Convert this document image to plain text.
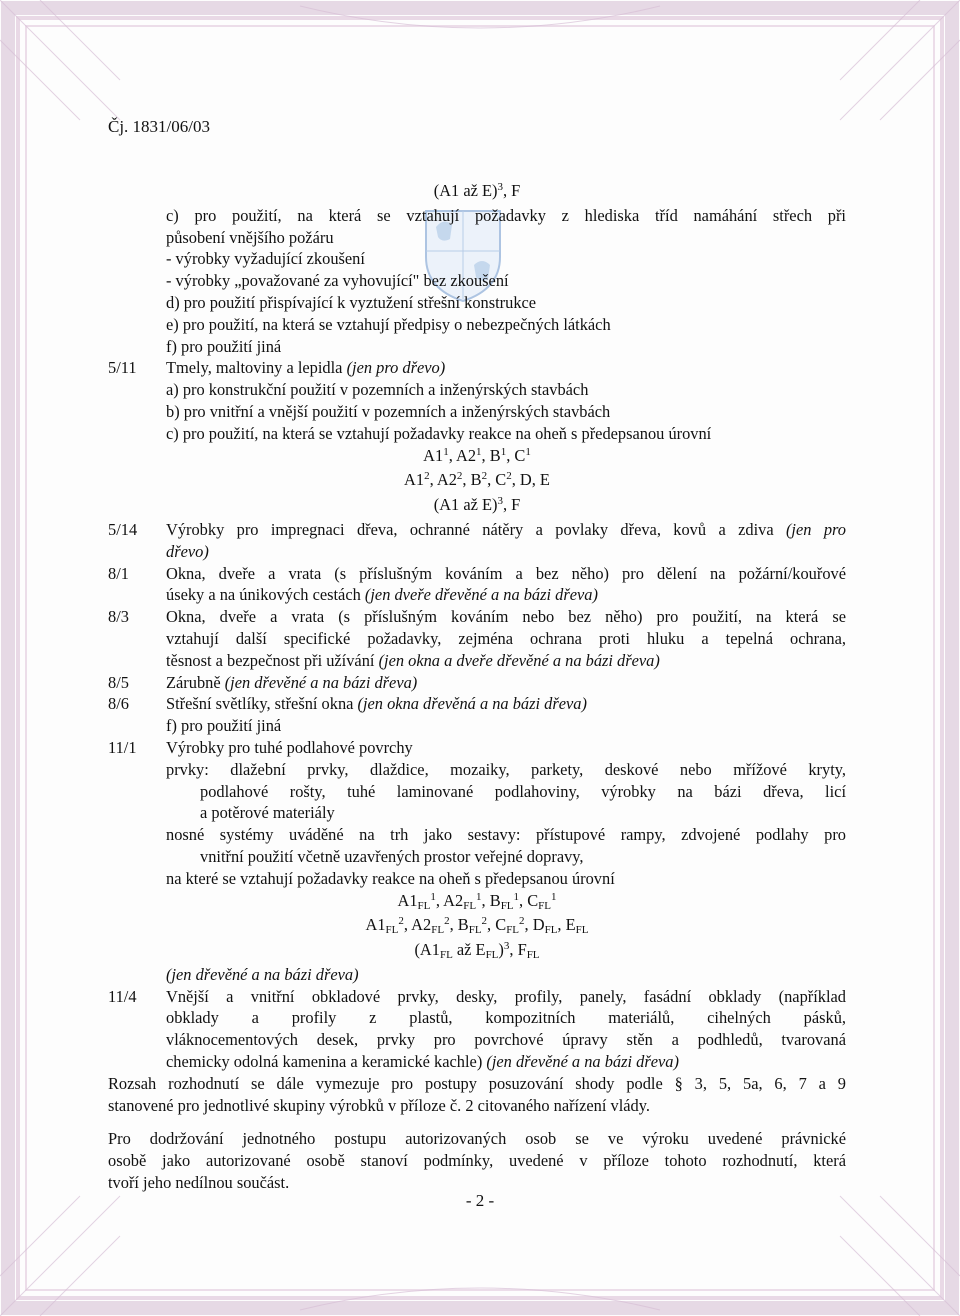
Čj. 1831/06/03
(A1 až E)$^3$, F
c) pro použití, na která se vztahují požadavky z hlediska tříd namáhání střech při
působení vnějšího požáru
- výrobky vyžadující zkoušení
- výrobky „považované za vyhovující" bez zkoušení
d) pro použití přispívající k vyztužení střešní konstrukce
e) pro použití, na která se vztahují předpisy o nebezpečných látkách
f) pro použití jiná
5/11	Tmely, maltoviny a lepidla (jen pro dřevo)
a) pro konstrukční použití v pozemních a inženýrských stavbách
b) pro vnitřní a vnější použití v pozemních a inženýrských stavbách
c) pro použití, na která se vztahují požadavky reakce na oheň s předepsanou úrovní
$A1^1$, $A2^1$, $B^1$, $C^1$
$A1^2$, $A2^2$, $B^2$, $C^2$, D, E
(A1 až E)$^3$, F
5/14	Výrobky pro impregnaci dřeva, ochranné nátěry a povlaky dřeva, kovů a zdiva (jen pro
dřevo)
8/1	Okna, dveře a vrata (s příslušným kováním a bez něho) pro dělení na požární/kouřové
úseky a na únikových cestách (jen dveře dřevěné a na bázi dřeva)
8/3	Okna, dveře a vrata (s příslušným kováním nebo bez něho) pro použití, na která se
vztahují další specifické požadavky, zejména ochrana proti hluku a tepelná ochrana,
těsnost a bezpečnost při užívání (jen okna a dveře dřevěné a na bázi dřeva)
8/5	Zárubně (jen dřevěné a na bázi dřeva)
8/6	Střešní světlíky, střešní okna (jen okna dřevěná a na bázi dřeva)
f) pro použití jiná
11/1	Výrobky pro tuhé podlahové povrchy
prvky: dlažební prvky, dlaždice, mozaiky, parkety, deskové nebo mřížové kryty,
podlahové rošty, tuhé laminované podlahoviny, výrobky na bázi dřeva, licí
a potěrové materiály
nosné systémy uváděné na trh jako sestavy: přístupové rampy, zdvojené podlahy pro
vnitřní použití včetně uzavřených prostor veřejné dopravy,
na které se vztahují požadavky reakce na oheň s předepsanou úrovní
$A1FL^1$, $A2FL^1$, BFL$^1$, CFL$^1$
$A1FL^2$, $A2FL^2$, BFL$^2$, CFL$^2$, DFL, EFL
(A1FL až EFL)$^3$, FFL
(jen dřevěné a na bázi dřeva)
11/4	Vnější a vnitřní obkladové prvky, desky, profily, panely, fasádní obklady (například
obklady a profily z plastů, kompozitních materiálů, cihelných pásků,
vláknocementových desek, prvky pro povrchové úpravy stěn a podhledů, tvarovaná
chemicky odolná kamenina a keramické kachle) (jen dřevěné a na bázi dřeva)
Rozsah rozhodnutí se dále vymezuje pro postupy posuzování shody podle § 3, 5, 5a, 6, 7 a 9
stanovené pro jednotlivé skupiny výrobků v příloze č. 2 citovaného nařízení vlády.
Pro dodržování jednotného postupu autorizovaných osob se ve výroku uvedené právnické
osobě jako autorizované osobě stanoví podmínky, uvedené v příloze tohoto rozhodnutí, která
tvoří jeho nedílnou součást.
- 2 -
